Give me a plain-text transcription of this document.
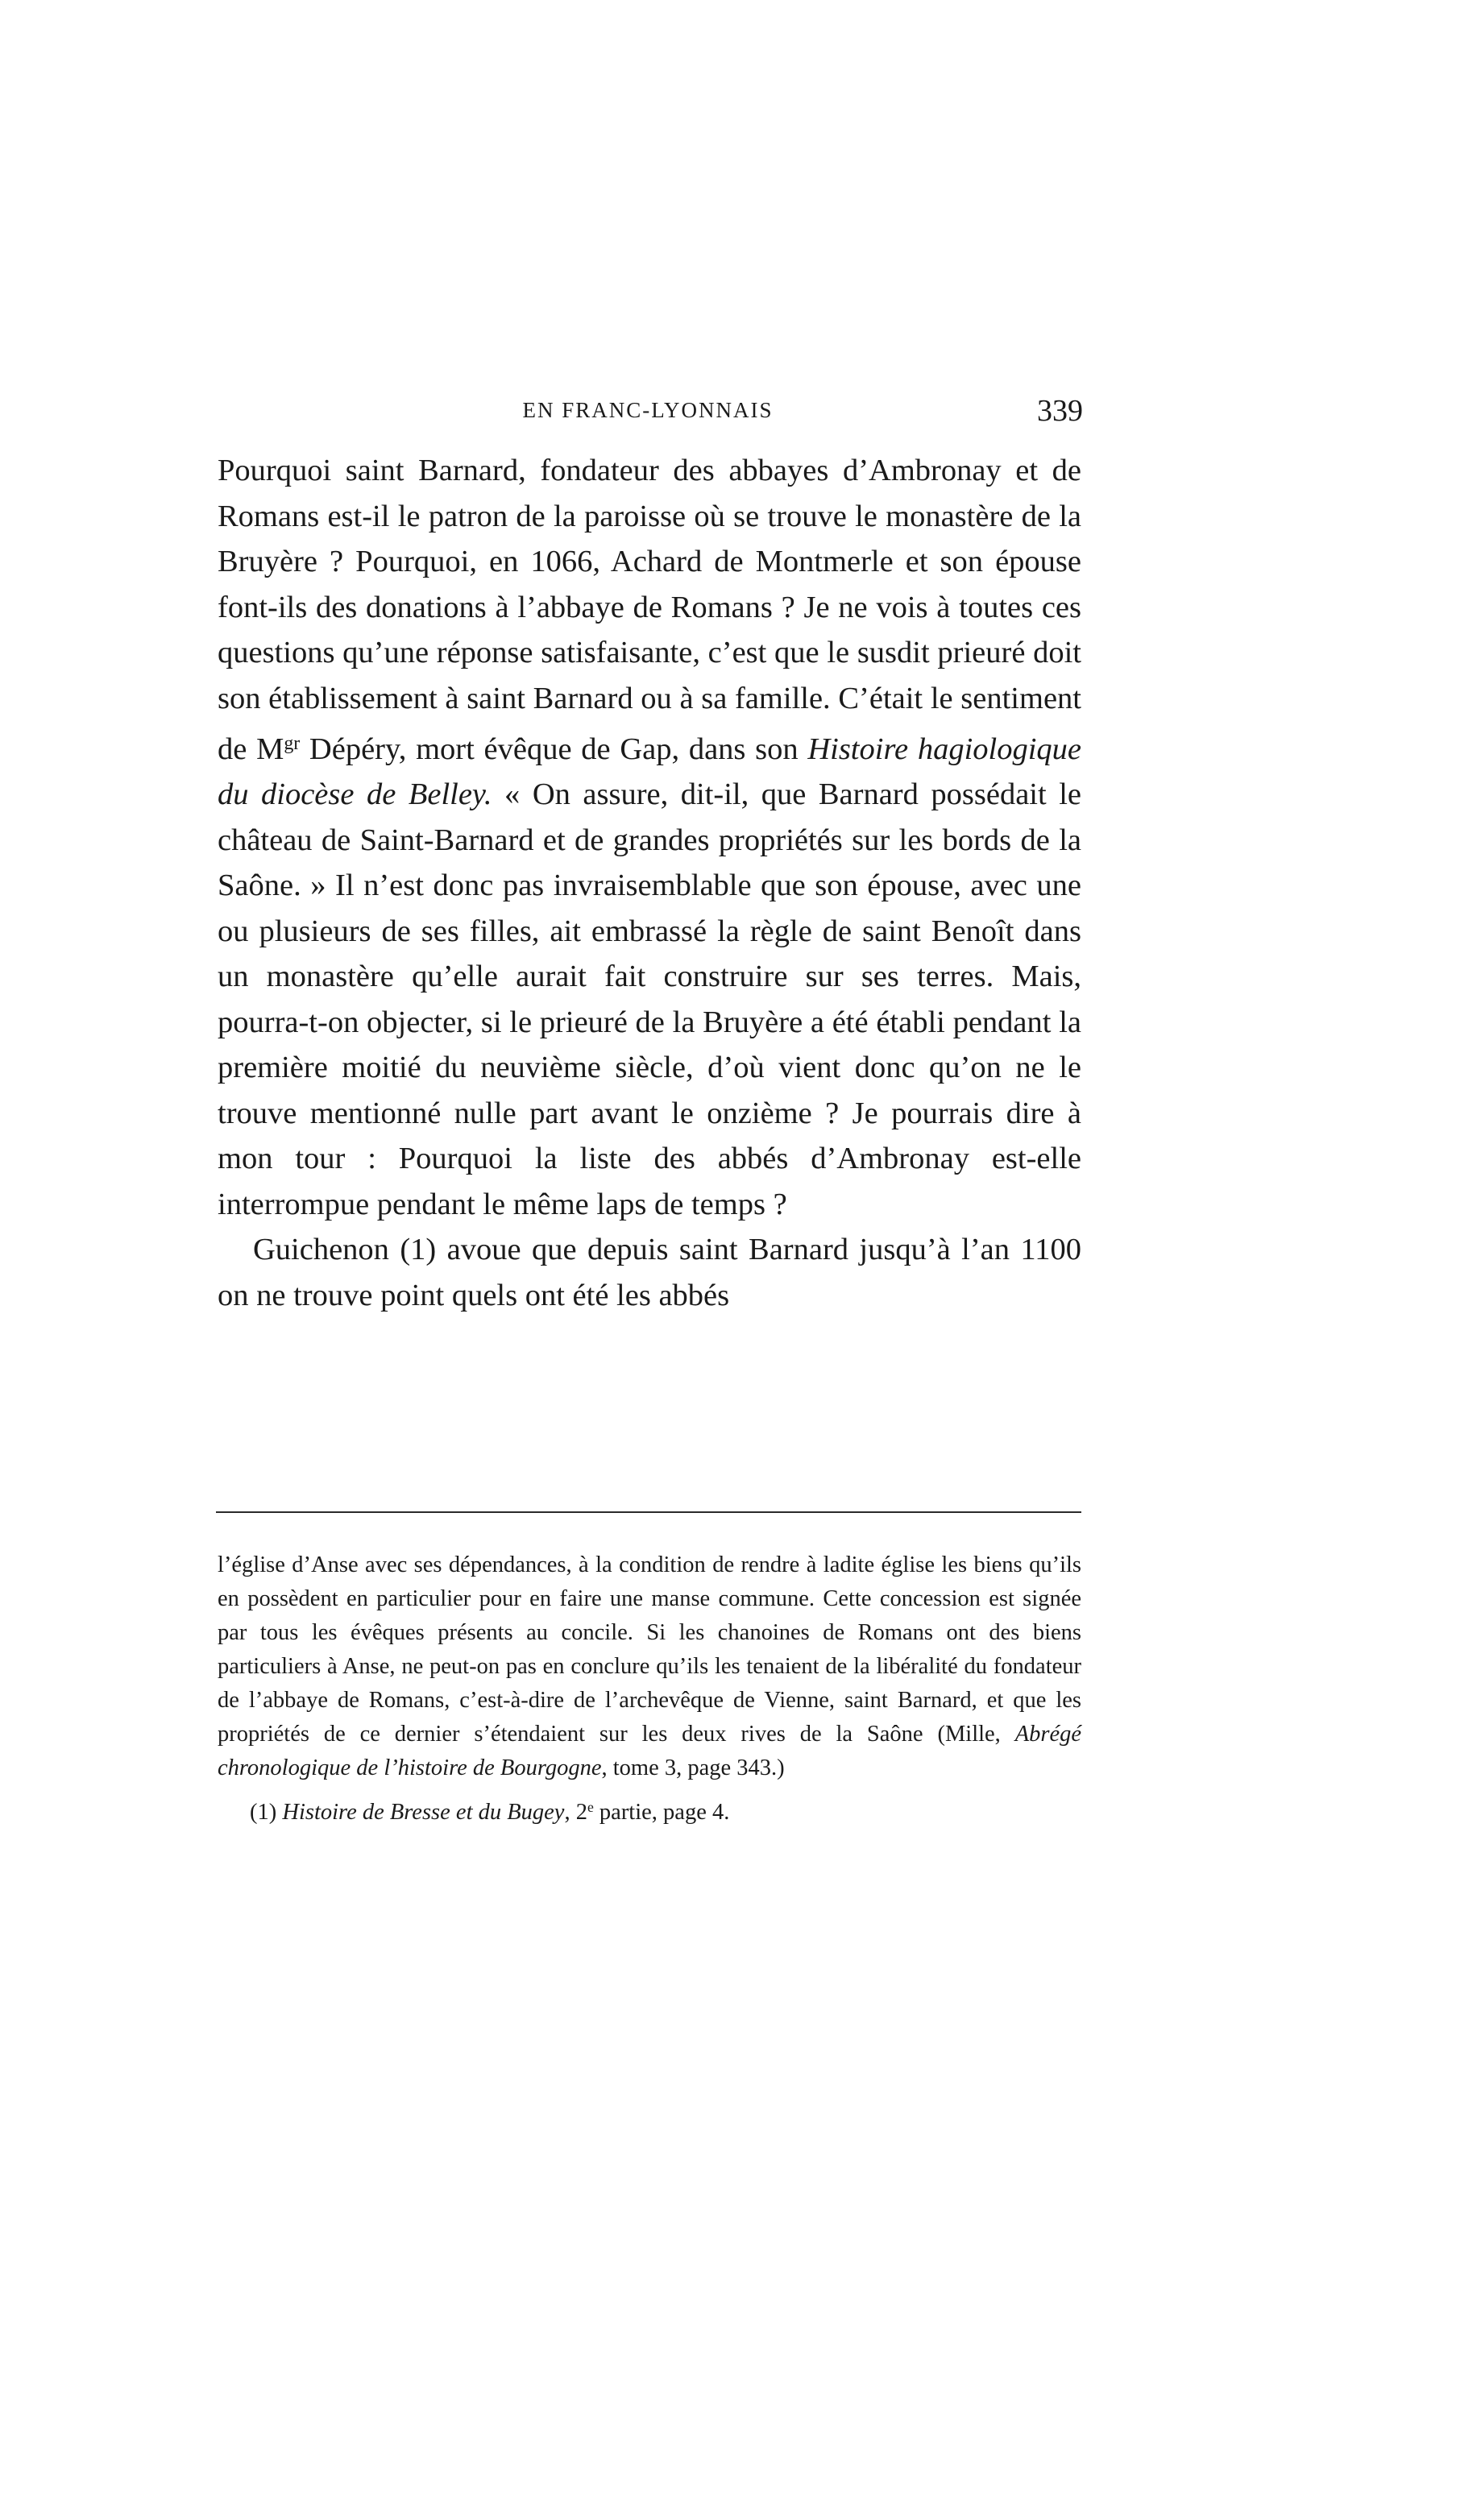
EN FRANC-LYONNAIS	339

Pourquoi saint Barnard, fondateur des abbayes d’Ambronay et de Romans est-il le patron de la paroisse où se trouve le monastère de la Bruyère ? Pourquoi, en 1066, Achard de Montmerle et son épouse font-ils des donations à l’abbaye de Romans ? Je ne vois à toutes ces questions qu’une réponse satisfaisante, c’est que le susdit prieuré doit son établissement à saint Barnard ou à sa famille. C’était le sentiment de $M^{gr}$ Dépéry, mort évêque de Gap, dans son Histoire hagiologique du diocèse de Belley. « On assure, dit-il, que Barnard possédait le château de Saint-Barnard et de grandes propriétés sur les bords de la Saône. » Il n’est donc pas invraisemblable que son épouse, avec une ou plusieurs de ses filles, ait embrassé la règle de saint Benoît dans un monastère qu’elle aurait fait construire sur ses terres. Mais, pourra-t-on objecter, si le prieuré de la Bruyère a été établi pendant la première moitié du neuvième siècle, d’où vient donc qu’on ne le trouve mentionné nulle part avant le onzième ? Je pourrais dire à mon tour : Pourquoi la liste des abbés d’Ambronay est-elle interrompue pendant le même laps de temps ?

Guichenon (1) avoue que depuis saint Barnard jusqu’à l’an 1100 on ne trouve point quels ont été les abbés

l’église d’Anse avec ses dépendances, à la condition de rendre à ladite église les biens qu’ils en possèdent en particulier pour en faire une manse commune. Cette concession est signée par tous les évêques présents au concile. Si les chanoines de Romans ont des biens particuliers à Anse, ne peut-on pas en conclure qu’ils les tenaient de la libéralité du fondateur de l’abbaye de Romans, c’est-à-dire de l’archevêque de Vienne, saint Barnard, et que les propriétés de ce dernier s’étendaient sur les deux rives de la Saône (Mille, Abrégé chronologique de l’histoire de Bourgogne, tome 3, page 343.)

(1) Histoire de Bresse et du Bugey, 2e partie, page 4.
